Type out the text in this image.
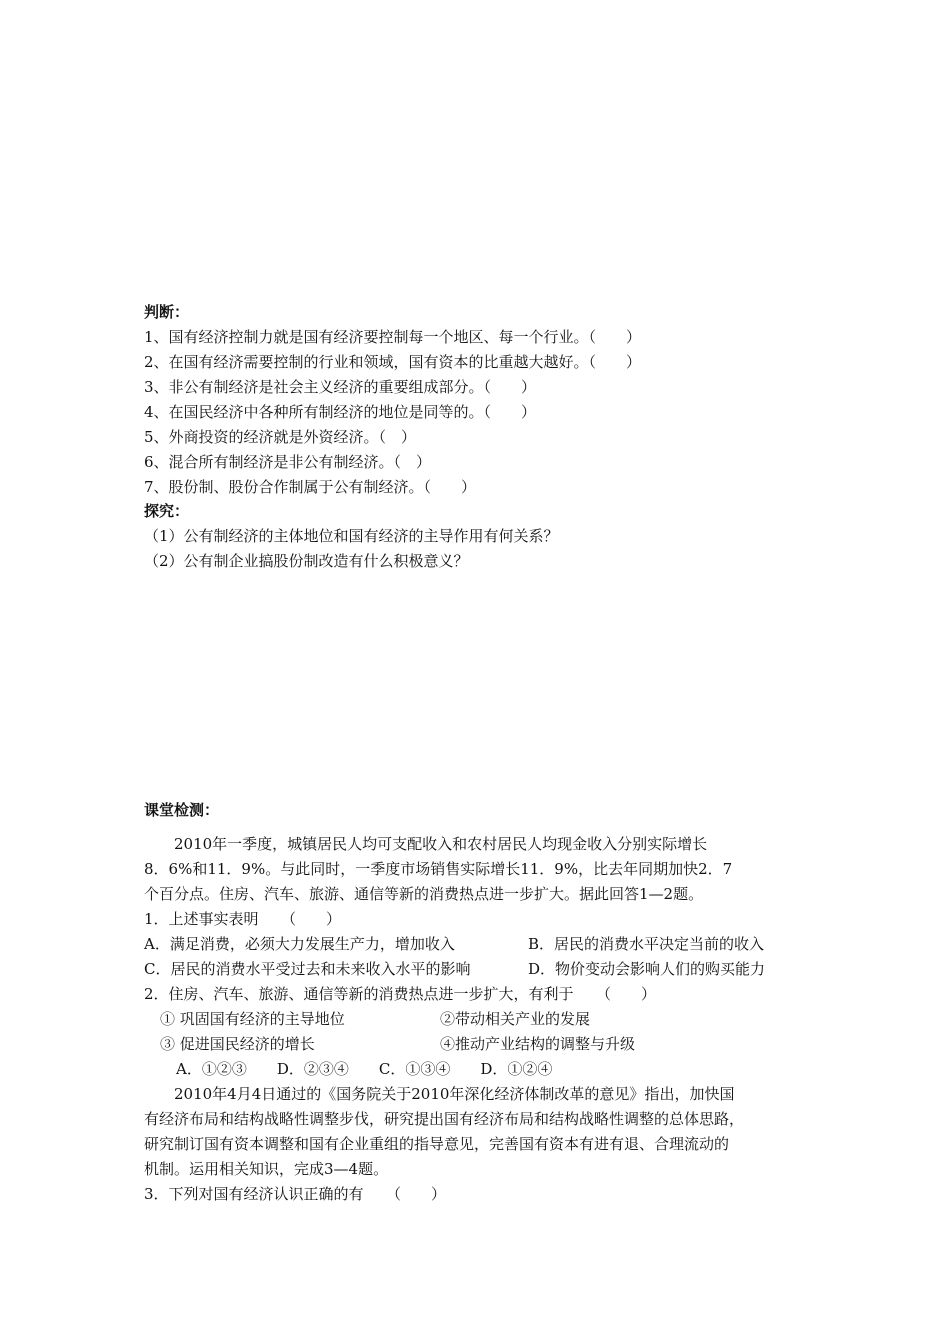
判断：
1、国有经济控制力就是国有经济要控制每一个地区、每一个行业。（　　）
2、在国有经济需要控制的行业和领域，国有资本的比重越大越好。（　　）
3、非公有制经济是社会主义经济的重要组成部分。（　　）
4、在国民经济中各种所有制经济的地位是同等的。（　　）
5、外商投资的经济就是外资经济。（　）
6、混合所有制经济是非公有制经济。（　）
7、股份制、股份合作制属于公有制经济。（　　）
探究：
（1）公有制经济的主体地位和国有经济的主导作用有何关系？
（2）公有制企业搞股份制改造有什么积极意义？
课堂检测：
　　2010年一季度，城镇居民人均可支配收入和农村居民人均现金收入分别实际增长
8．6%和11．9%。与此同时，一季度市场销售实际增长11．9%，比去年同期加快2．7
个百分点。住房、汽车、旅游、通信等新的消费热点进一步扩大。据此回答1—2题。
1．上述事实表明　　（　　）
A．满足消费，必须大力发展生产力，增加收入	B．居民的消费水平决定当前的收入
C．居民的消费水平受过去和未来收入水平的影响	D．物价变动会影响人们的购买能力
2．住房、汽车、旅游、通信等新的消费热点进一步扩大，有利于　　（　　）
① 巩固国有经济的主导地位	②带动相关产业的发展
③ 促进国民经济的增长	④推动产业结构的调整与升级
A．①②③　　D．②③④　　C．①③④　　D．①②④
　　2010年4月4日通过的《国务院关于2010年深化经济体制改革的意见》指出，加快国
有经济布局和结构战略性调整步伐，研究提出国有经济布局和结构战略性调整的总体思路，
研究制订国有资本调整和国有企业重组的指导意见，完善国有资本有进有退、合理流动的
机制。运用相关知识，完成3—4题。
3．下列对国有经济认识正确的有　　（　　）
